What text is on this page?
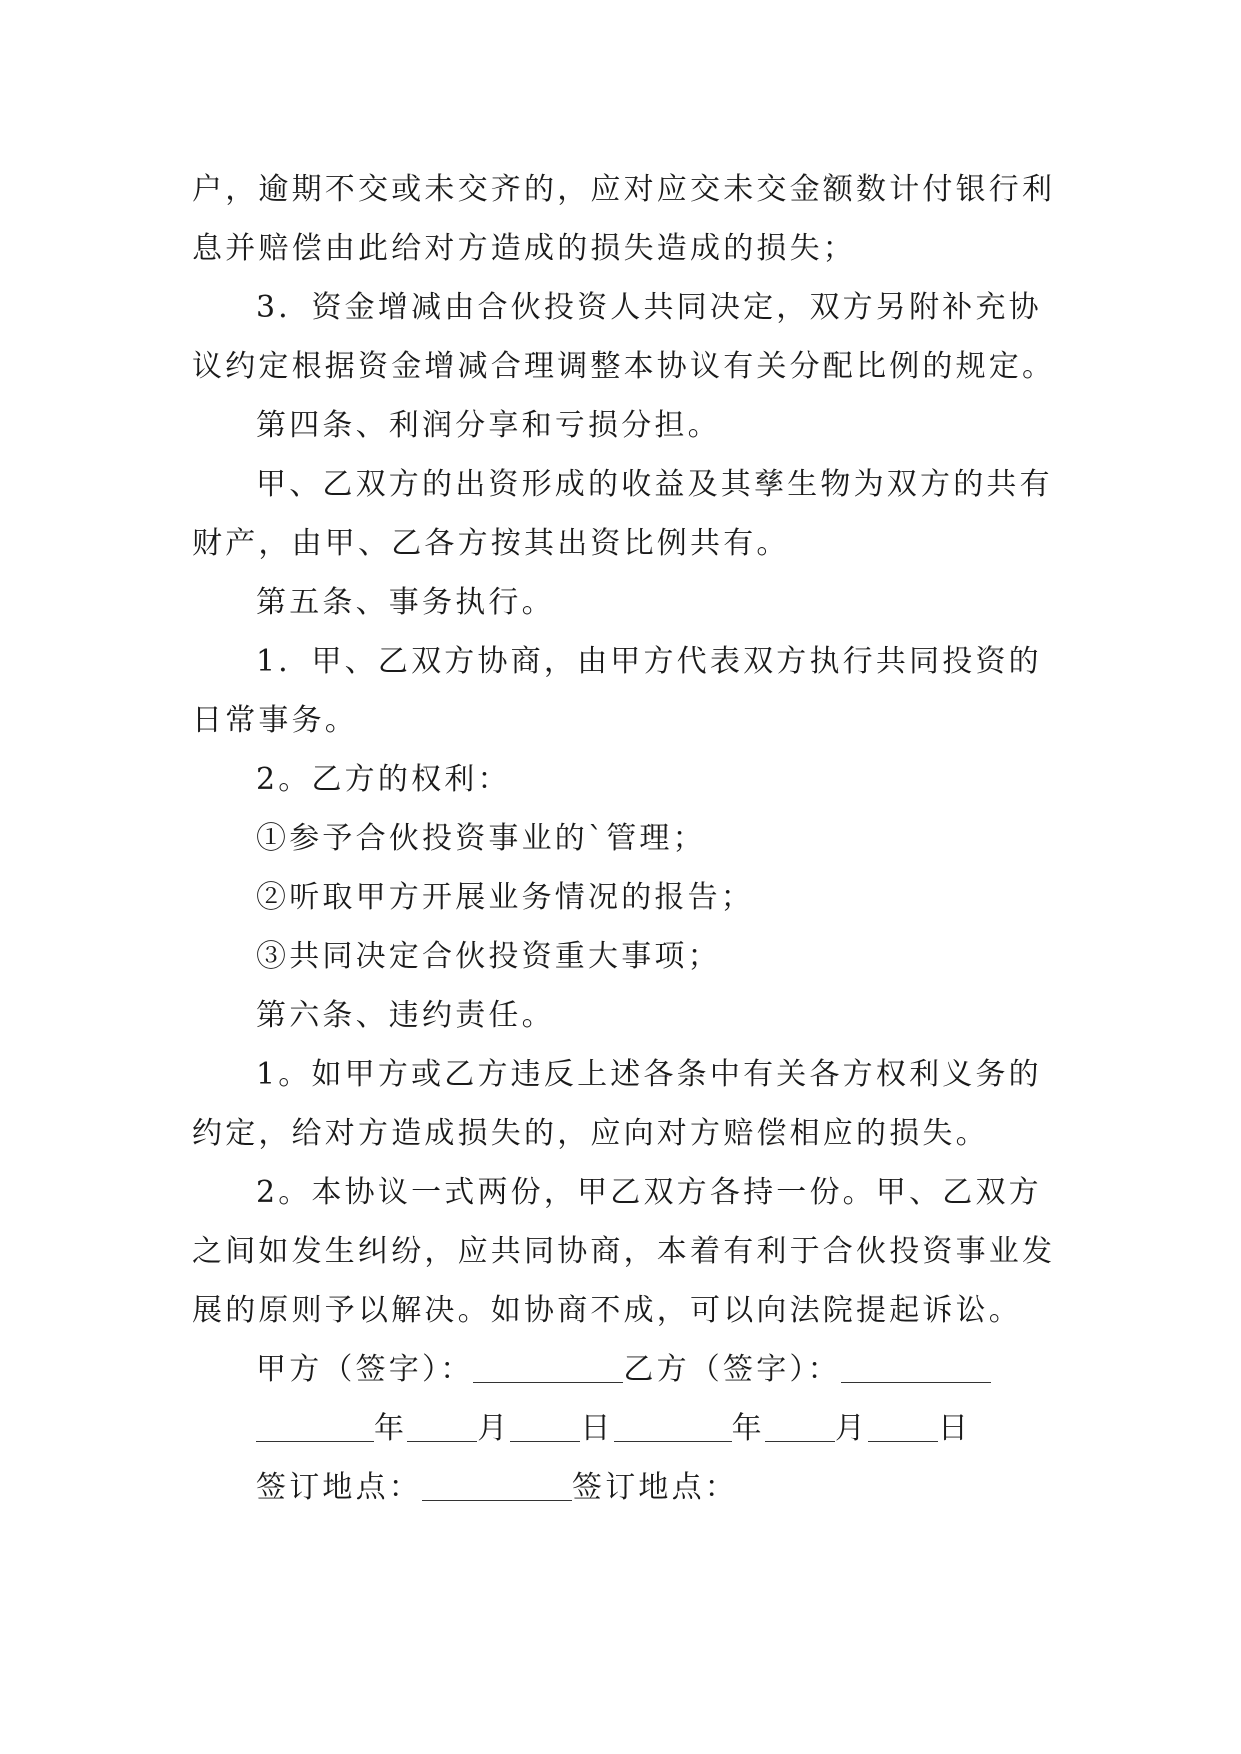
户，逾期不交或未交齐的，应对应交未交金额数计付银行利
息并赔偿由此给对方造成的损失造成的损失；
3．资金增减由合伙投资人共同决定，双方另附补充协
议约定根据资金增减合理调整本协议有关分配比例的规定。
第四条、利润分享和亏损分担。
甲、乙双方的出资形成的收益及其孳生物为双方的共有
财产，由甲、乙各方按其出资比例共有。
第五条、事务执行。
1．甲、乙双方协商，由甲方代表双方执行共同投资的
日常事务。
2。乙方的权利：
①参予合伙投资事业的`管理；
②听取甲方开展业务情况的报告；
③共同决定合伙投资重大事项；
第六条、违约责任。
1。如甲方或乙方违反上述各条中有关各方权利义务的
约定，给对方造成损失的，应向对方赔偿相应的损失。
2。本协议一式两份，甲乙双方各持一份。甲、乙双方
之间如发生纠纷，应共同协商，本着有利于合伙投资事业发
展的原则予以解决。如协商不成，可以向法院提起诉讼。
甲方（签字）：	乙方（签字）：
年 月 日	年 月 日
签订地点：	签订地点：
